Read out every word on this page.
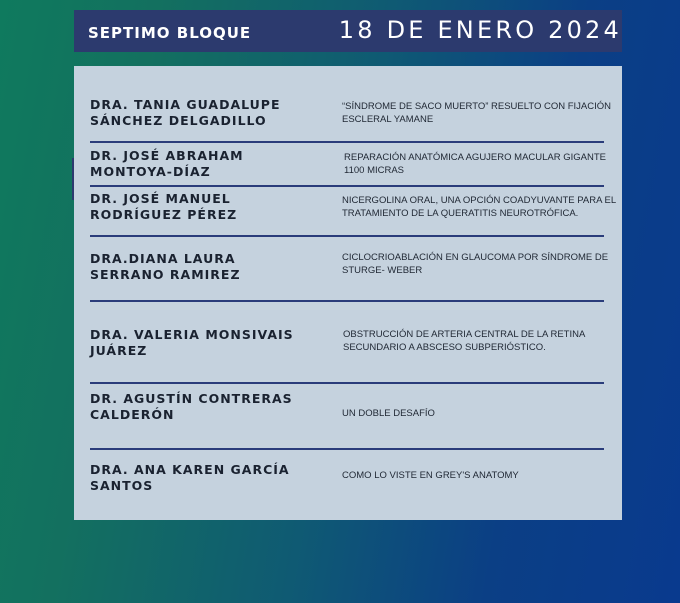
SEPTIMO BLOQUE	18 DE ENERO 2024
DRA. TANIA GUADALUPE SÁNCHEZ DELGADILLO
“SÍNDROME DE SACO MUERTO” RESUELTO CON FIJACIÓN ESCLERAL YAMANE
DR. JOSÉ ABRAHAM MONTOYA-DÍAZ
REPARACIÓN ANATÓMICA AGUJERO MACULAR GIGANTE 1100 MICRAS
DR. JOSÉ MANUEL RODRÍGUEZ PÉREZ
NICERGOLINA ORAL, UNA OPCIÓN COADYUVANTE PARA EL TRATAMIENTO DE LA QUERATITIS NEUROTRÓFICA.
DRA.DIANA LAURA SERRANO RAMIREZ
CICLOCRIOABLACIÓN EN GLAUCOMA POR SÍNDROME DE STURGE- WEBER
DRA. VALERIA MONSIVAIS JUÁREZ
OBSTRUCCIÓN DE ARTERIA CENTRAL DE LA RETINA SECUNDARIO A ABSCESO SUBPERIÓSTICO.
DR. AGUSTÍN CONTRERAS CALDERÓN	UN DOBLE DESAFÍO
DRA. ANA KAREN GARCÍA SANTOS
COMO LO VISTE EN GREY'S ANATOMY
